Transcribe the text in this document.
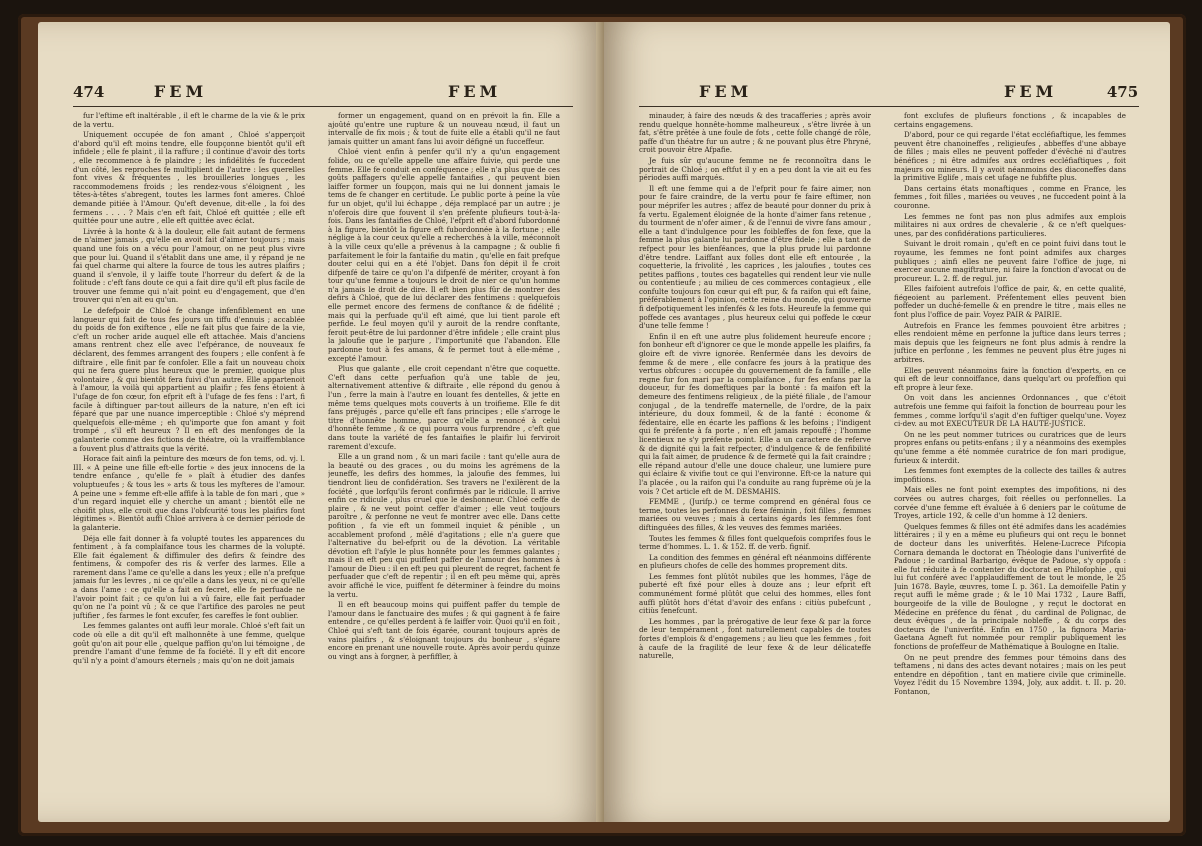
474	FEM	FEM

fur l'eftime eft inaltérable , il eft le charme de la vie & le prix de la vertu.

Uniquement occupée de fon amant , Chloé s'apperçoit d'abord qu'il eft moins tendre, elle foupçonne bientôt qu'il eft infidele ; elle fe plaint , il la raffure ; il continue d'avoir des torts , elle recommence à fe plaindre ; les infidélités fe fuccedent d'un côté, les reproches fe multiplient de l'autre : les querelles font vives & fréquentes , les brouilleries longues , les raccommodemens froids ; les rendez-vous s'éloignent , les têtes-à-têtes s'abregent, toutes les larmes font ameres. Chloé demande pitiée à l'Amour. Qu'eft devenue, dit-elle , la foi des fermens . . . . ? Mais c'en eft fait, Chloé eft quittée ; elle eft quittée pour une autre , elle eft quittée avec éclat.

Livrée à la honte & à la douleur, elle fait autant de fermens de n'aimer jamais , qu'elle en avoit fait d'aimer toujours ; mais quand une fois on a vécu pour l'amour, on ne peut plus vivre que pour lui. Quand il s'établit dans une ame, il y répand je ne fai quel charme qui altere la fource de tous les autres plaifirs ; quand il s'envole, il y laiffe toute l'horreur du defert & de la folitude : c'eft fans doute ce qui a fait dire qu'il eft plus facile de trouver une femme qui n'ait point eu d'engagement, que d'en trouver qui n'en ait eu qu'un.

Le defefpoir de Chloé fe change infenfiblement en une langueur qui fait de tous fes jours un tiffu d'ennuis ; accablée du poids de fon exiftence , elle ne fait plus que faire de la vie, c'eft un rocher aride auquel elle eft attachée. Mais d'anciens amans rentrent chez elle avec l'efpérance, de nouveaux fe déclarent, des femmes arrangent des foupers ; elle confent à fe diftraire , elle finit par fe confoler. Elle a fait un nouveau choix qui ne fera guere plus heureux que le premier, quoique plus volontaire , & qui bientôt fera fuivi d'un autre. Elle appartenoit à l'amour, la voilà qui appartient au plaifir ; fes fens étoient à l'ufage de fon cœur, fon efprit eft à l'ufage de fes fens : l'art, fi facile à diftinguer par-tout ailleurs de la nature, n'en eft ici féparé que par une nuance imperceptible : Chloé s'y méprend quelquefois elle-même ; eh qu'importe que fon amant y foit trompé , s'il eft heureux ? Il en eft des menfonges de la galanterie comme des fictions de théatre, où la vraiffemblance a fouvent plus d'attraits que la vérité.

Horace fait ainfi la peinture des mœurs de fon tems, od. vj. l. III. « A peine une fille eft-elle fortie » des jeux innocens de la tendre enfance , qu'elle fe » plaît à étudier des danfes voluptueufes ; & tous les » arts & tous les myfteres de l'amour. A peine une » femme eft-elle affife à la table de fon mari , que » d'un regard inquiet elle y cherche un amant ; bientôt elle ne choifit plus, elle croit que dans l'obfcurité tous les plaifirs font légitimes ». Bientôt auffi Chloé arrivera à ce dernier période de la galanterie.

Déja elle fait donner à fa volupté toutes les apparences du fentiment , à fa complaifance tous les charmes de la volupté. Elle fait également & diffimuler des defirs & feindre des fentimens, & compofer des ris & verfer des larmes. Elle a rarement dans l'ame ce qu'elle a dans les yeux ; elle n'a prefque jamais fur les levres , ni ce qu'elle a dans les yeux, ni ce qu'elle a dans l'ame : ce qu'elle a fait en fecret, elle fe perfuade ne l'avoir point fait ; ce qu'on lui a vû faire, elle fait perfuader qu'on ne l'a point vû ; & ce que l'artifice des paroles ne peut juftifier , fes farmes le font excufer, fes careffes le font oublier.

Les femmes galantes ont auffi leur morale. Chloé s'eft fait un code où elle a dit qu'il eft malhonnête à une femme, quelque goût qu'on ait pour elle , quelque paffion qu'on lui témoigne , de prendre l'amant d'une femme de fa fociété. Il y eft dit encore qu'il n'y a point d'amours éternels ; mais qu'on ne doit jamais

former un engagement, quand on en prévoit la fin. Elle a ajoûté qu'entre une rupture & un nouveau nœud, il faut un intervalle de fix mois ; & tout de fuite elle a établi qu'il ne faut jamais quitter un amant fans lui avoir défigné un fucceffeur.

Chloé vient enfin à penfer qu'il n'y a qu'un engagement folide, ou ce qu'elle appelle une affaire fuivie, qui perde une femme. Elle fe conduit en conféquence ; elle n'a plus que de ces goûts paffagers qu'elle appelle fantaifies , qui peuvent bien laiffer former un foupçon, mais qui ne lui donnent jamais le tems de fe changer en certitude. Le public porte à peine la vûe fur un objet, qu'il lui échappe , déja remplacé par un autre ; je n'oferois dire que fouvent il s'en préfente plufieurs tout-à-la-fois. Dans les fantaifies de Chloé, l'efprit eft d'abord fubordonné à la figure, bientôt la figure eft fubordonnée à la fortune ; elle néglige à la cour ceux qu'elle a recherchés à la ville, méconnoît à la ville ceux qu'elle a prévenus à la campagne ; & oublie fi parfaitement le foir la fantaifie du matin , qu'elle en fait prefque douter celui qui en a été l'objet. Dans fon dépit il fe croit difpenfé de taire ce qu'on l'a difpenfé de mériter, croyant à fon tour qu'une femme a toujours le droit de nier ce qu'un homme n'a jamais le droit de dire. Il eft bien plus fûr de montrer des defirs à Chloé, que de lui déclarer des fentimens : quelquefois elle permet encore des fermens de conftance & de fidélité ; mais qui la perfuade qu'il eft aimé, que lui tient parole eft perfide. Le feul moyen qu'il y auroit de la rendre conftante, feroit peut-être de lui pardonner d'être infidele ; elle craint plus la jaloufie que le parjure , l'importunité que l'abandon. Elle pardonne tout à fes amans, & fe permet tout à elle-même , excepté l'amour.

Plus que galante , elle croit cependant n'être que coquette. C'eft dans cette perfuafion qu'à une table de jeu, alternativement attentive & diftraite , elle répond du genou à l'un , ferre la main à l'autre en louant fes dentelles, & jette en même tems quelques mots couverts à un troifieme. Elle fe dit fans préjugés , parce qu'elle eft fans principes ; elle s'arroge le titre d'honnête homme, parce qu'elle a renoncé à celui d'honnête femme , & ce qui pourra vous furprendre , c'eft que dans toute la variété de fes fantaifies le plaifir lui ferviroit rarement d'excufe.

Elle a un grand nom , & un mari facile : tant qu'elle aura de la beauté ou des graces , ou du moins les agrémens de la jeuneffe, les defirs des hommes, la jaloufie des femmes, lui tiendront lieu de confidération. Ses travers ne l'exilèrent de la fociété , que lorfqu'ils feront confirmés par le ridicule. Il arrive enfin ce ridicule , plus cruel que le deshonneur. Chloé ceffe de plaire , & ne veut point ceffer d'aimer ; elle veut toujours paroître , & perfonne ne veut fe montrer avec elle. Dans cette pofition , fa vie eft un fommeil inquiet & pénible , un accablement profond , mêlé d'agitations ; elle n'a guere que l'alternative du bel-efprit ou de la dévotion. La véritable dévotion eft l'afyle le plus honnête pour les femmes galantes ; mais il en eft peu qui puiffent paffer de l'amour des hommes à l'amour de Dieu : il en eft peu qui pleurent de regret, fachent fe perfuader que c'eft de repentir ; il en eft peu même qui, après avoir affiché le vice, puiffent fe déterminer à feindre du moins la vertu.

Il en eft beaucoup moins qui puiffent paffer du temple de l'amour dans le fanctuaire des mufes ; & qui gagnent à fe faire entendre , ce qu'elles perdent à fe laiffer voir. Quoi qu'il en foit , Chloé qui s'eft tant de fois égarée, courant toujours après de vains plaifirs , & s'éloignant toujours du bonheur , s'égare encore en prenant une nouvelle route. Après avoir perdu quinze ou vingt ans à forgner, à perfiffler, à

FEM	FEM	475

minauder, à faire des nœuds & des tracafferies ; après avoir rendu quelque honnête-homme malheureux , s'être livrée à un fat, s'être prêtée à une foule de fots , cette folle changé de rôle, paffe d'un théatre fur un autre ; & ne pouvant plus être Phryné, croit pouvoir être Afpafie.

Je fuis sûr qu'aucune femme ne fe reconnoîtra dans le portrait de Chloé ; on eftfut il y en a peu dont la vie ait eu fes périodes auffi marqués.

Il eft une femme qui a de l'efprit pour fe faire aimer, non pour fe faire craindre, de la vertu pour fe faire eftimer, non pour méprifer les autres ; affez de beauté pour donner du prix à fa vertu. Egalement éloignée de la honte d'aimer fans retenue , du tourment de n'ofer aimer , & de l'ennui de vivre fans amour , elle a tant d'indulgence pour les foibleffes de fon fexe, que la femme la plus galante lui pardonne d'être fidele ; elle a tant de refpect pour les bienféances, que la plus prude lui pardonne d'être tendre. Laiffant aux folles dont elle eft entourée , la coquetterie, la frivolité , les caprices , les jaloufies , toutes ces petites paffions , toutes ces bagatelles qui rendent leur vie nulle ou contentieufe ; au milieu de ces commerces contagieux , elle confulte toujours fon cœur qui eft pur, & fa raifon qui eft faine, préférablement à l'opinion, cette reine du monde, qui gouverne fi defpotiquement les infenfés & les fots. Heureufe la femme qui poffede ces avantages , plus heureux celui qui poffede le cœur d'une telle femme !

Enfin il en eft une autre plus folidement heureufe encore ; fon bonheur eft d'ignorer ce que le monde appelle les plaifirs, fa gloire eft de vivre ignorée. Renfermée dans les devoirs de femme & de mere , elle confacre fes jours à la pratique des vertus obfcures : occupée du gouvernement de fa famille , elle regne fur fon mari par la complaifance , fur fes enfans par la douceur, fur fes domeftiques par la bonté : fa maifon eft la demeure des fentimens religieux , de la piété filiale , de l'amour conjugal , de la tendreffe maternelle, de l'ordre, de la paix intérieure, du doux fommeil, & de la fanté : économe & fédentaire, elle en écarte les paffions & les befoins ; l'indigent qui fe préfente à fa porte , n'en eft jamais repouffé ; l'homme licentieux ne s'y préfente point. Elle a un caractere de referve & de dignité qui la fait refpecter, d'indulgence & de fenfibilité qui la fait aimer, de prudence & de fermeté qui la fait craindre ; elle répand autour d'elle une douce chaleur, une lumiere pure qui éclaire & vivifie tout ce qui l'environne. Eft-ce la nature qui l'a placée , ou la raifon qui l'a conduite au rang fuprème où je la vois ? Cet article eft de M. DESMAHIS.

FEMME , (Jurifp.) ce terme comprend en général fous ce terme, toutes les perfonnes du fexe féminin , foit filles , femmes mariées ou veuves ; mais à certains égards les femmes font diftinguées des filles, & les veuves des femmes mariées.

Toutes les femmes & filles font quelquefois comprifes fous le terme d'hommes. L. 1. & 152. ff. de verb. fignif.

La condition des femmes en général eft néanmoins différente en plufieurs chofes de celle des hommes proprement dits.

Les femmes font plûtôt nubiles que les hommes, l'âge de puberté eft fixé pour elles à douze ans ; leur efprit eft communément formé plûtôt que celui des hommes, elles font auffi plûtôt hors d'état d'avoir des enfans : citiùs pubefcunt , citiùs fenefcunt.

Les hommes , par la prérogative de leur fexe & par la force de leur tempérament , font naturellement capables de toutes fortes d'emplois & d'engagemens ; au lieu que les femmes , foit à caufe de la fragilité de leur fexe & de leur délicateffe naturelle,

font exclufes de plufieurs fonctions , & incapables de certains engagemens.

D'abord, pour ce qui regarde l'état eccléfiaftique, les femmes peuvent être chanoineffes , religieufes , abbeffes d'une abbaye de filles ; mais elles ne peuvent poffeder d'évêché ni d'autres bénéfices ; ni être admifes aux ordres eccléfiaftiques , foit majeurs ou mineurs. Il y avoit néanmoins des diaconeffes dans la primitive Eglife , mais cet ufage ne fubfifte plus.

Dans certains états monaftiques , comme en France, les femmes , foit filles , mariées ou veuves , ne fuccedent point à la couronne.

Les femmes ne font pas non plus admifes aux emplois militaires ni aux ordres de chevalerie , & ce n'eft quelques-unes, par des confidérations particulieres.

Suivant le droit romain , qu'eft en ce point fuivi dans tout le royaume, les femmes ne font point admifes aux charges publiques ; ainfi elles ne peuvent faire l'office de juge, ni exercer aucune magiftrature, ni faire la fonction d'avocat ou de procureur. L. 2. ff. de regul. jur.

Elles faifoient autrefois l'office de pair, &, en cette qualité, fiégeoient au parlement. Préfentement elles peuvent bien poffeder un duché-femelle & en prendre le titre , mais elles ne font plus l'office de pair. Voyez PAIR & PAIRIE.

Autrefois en France les femmes pouvoient être arbitres ; elles rendoient même en perfonne la juftice dans leurs terres ; mais depuis que les feigneurs ne font plus admis à rendre la juftice en perfonne , les femmes ne peuvent plus être juges ni arbitres.

Elles peuvent néanmoins faire la fonction d'experts, en ce qui eft de leur connoiffance, dans quelqu'art ou profeffion qui eft propre à leur fexe.

On voit dans les anciennes Ordonnances , que c'étoit autrefois une femme qui faifoit la fonction de bourreau pour les femmes , comme lorfqu'il s'agit d'en fuftiger quelqu'une. Voyez ci-dev. au mot EXECUTEUR DE LA HAUTE-JUSTICE.

On ne les peut nommer tutrices ou curatrices que de leurs propres enfans ou petits-enfans ; il y a néanmoins des exemples qu'une femme a été nommée curatrice de fon mari prodigue, furieux & interdit.

Les femmes font exemptes de la collecte des tailles & autres impofitions.

Mais elles ne font point exemptes des impofitions, ni des corvées ou autres charges, foit réelles ou perfonnelles. La corvée d'une femme eft évaluée à 6 deniers par le coûtume de Troyes, article 192, & celle d'un homme à 12 deniers.

Quelques femmes & filles ont été admifes dans les académies littéraires ; il y en a même eu plufieurs qui ont reçu le bonnet de docteur dans les univerfités. Helene-Lucrece Pifcopia Cornara demanda le doctorat en Théologie dans l'univerfité de Padoue ; le cardinal Barbarigo, évêque de Padoue, s'y oppofa : elle fut réduite à fe contenter du doctorat en Philofophie , qui lui fut conféré avec l'applaudiffement de tout le monde, le 25 Juin 1678. Bayle, œuvres, tome I. p. 361. La demoifelle Patin y reçut auffi le même grade ; & le 10 Mai 1732 , Laure Baffi, bourgeoife de la ville de Boulogne , y reçut le doctorat en Médecine en préfence du fénat , du cardinal de Polignac, de deux évêques , de la principale nobleffe , & du corps des docteurs de l'univerfité. Enfin en 1750 , la fignora Maria-Gaetana Agneft fut nommée pour remplir publiquement les fonctions de profeffeur de Mathématique à Boulogne en Italie.

On ne peut prendre des femmes pour témoins dans des teftamens , ni dans des actes devant notaires ; mais on les peut entendre en dépofition , tant en matiere civile que criminelle. Voyez l'édit du 15 Novembre 1394, Joly, aux addit. t. II. p. 20. Fontanon,
